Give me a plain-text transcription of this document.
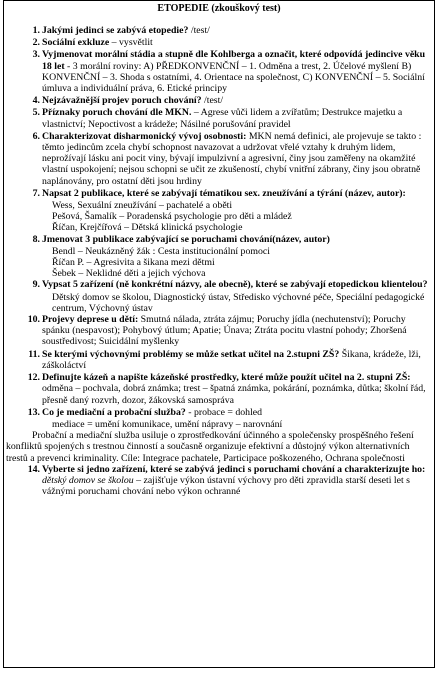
ETOPEDIE (zkouškový test)
1. Jakými jedinci se zabývá etopedie? /test/
2. Sociální exkluze – vysvětlit
3. Vyjmenovat morální stádia a stupně dle Kohlberga a označit, které odpovídá jedincive věku 18 let - 3 morální roviny: A) PŘEDKONVENČNÍ – 1. Odměna a trest, 2. Účelové myšlení B) KONVENČNÍ – 3. Shoda s ostatními, 4. Orientace na společnost, C) KONVENČNÍ – 5. Sociální úmluva a individuální práva, 6. Etické principy
4. Nejzávažnější projev poruch chování? /test/
5. Příznaky poruch chování dle MKN. – Agrese vůči lidem a zvířatům; Destrukce majetku a vlastnictví; Nepoctivost a krádeže; Násilné porušování pravidel
6. Charakterizovat disharmonický vývoj osobnosti: MKN nemá definici, ale projevuje se takto : těmto jedincům zcela chybí schopnost navazovat a udržovat vřelé vztahy k druhým lidem, neprožívají lásku ani pocit viny, bývají impulzivní a agresivní, činy jsou zaměřeny na okamžité vlastní uspokojení; nejsou schopni se učit ze zkušeností, chybí vnitřní zábrany, činy jsou obratně naplánovány, pro ostatní děti jsou hrdiny
7. Napsat 2 publikace, které se zabývají tématikou sex. zneužívání a týrání (název, autor):
Wess, Sexuální zneužívání – pachatelé a oběti
Pešová, Šamalík – Poradenská psychologie pro děti a mládež
Říčan, Krejčířová – Dětská klinická psychologie
8. Jmenovat 3 publikace zabývající se poruchami chování(název, autor)
Bendl – Neukázněný žák : Cesta institucionální pomoci
Říčan P. – Agresivita a šikana mezi dětmi
Šebek – Neklidné děti a jejich výchova
9. Vypsat 5 zařízení (ně konkrétní názvy, ale obecně), které se zabývají etopedickou klientelou?
Dětský domov se školou, Diagnostický ústav, Středisko výchovné péče, Speciální pedagogické centrum, Výchovný ústav
10. Projevy deprese u dětí: Smutná nálada, ztráta zájmu; Poruchy jídla (nechutenství); Poruchy spánku (nespavost); Pohybový útlum; Apatie; Únava; Ztráta pocitu vlastní pohody; Zhoršená soustředivost; Suicidální myšlenky
11. Se kterými výchovnými problémy se může setkat učitel na 2.stupni ZŠ? Šikana, krádeže, lži, záškoláctví
12. Definujte kázeň a napište kázeňské prostředky, které může použít učitel na 2. stupni ZŠ: odměna – pochvala, dobrá známka; trest – špatná známka, pokárání, poznámka, důtka; školní řád, přesně daný rozvrh, dozor, žákovská samospráva
13. Co je mediační a probační služba? - probace = dohled
mediace = umění komunikace, umění nápravy – narovnání
Probační a mediační služba usiluje o zprostředkování účinného a společensky prospěšného řešení konfliktů spojených s trestnou činností a současně organizuje efektivní a důstojný výkon alternativních trestů a prevenci kriminality. Cíle: Integrace pachatele, Participace poškozeného, Ochrana společnosti
14. Vyberte si jedno zařízení, které se zabývá jedinci s poruchami chování a charakterizujte ho: dětský domov se školou – zajišťuje výkon ústavní výchovy pro děti zpravidla starší deseti let s vážnými poruchami chování nebo výkon ochranné
